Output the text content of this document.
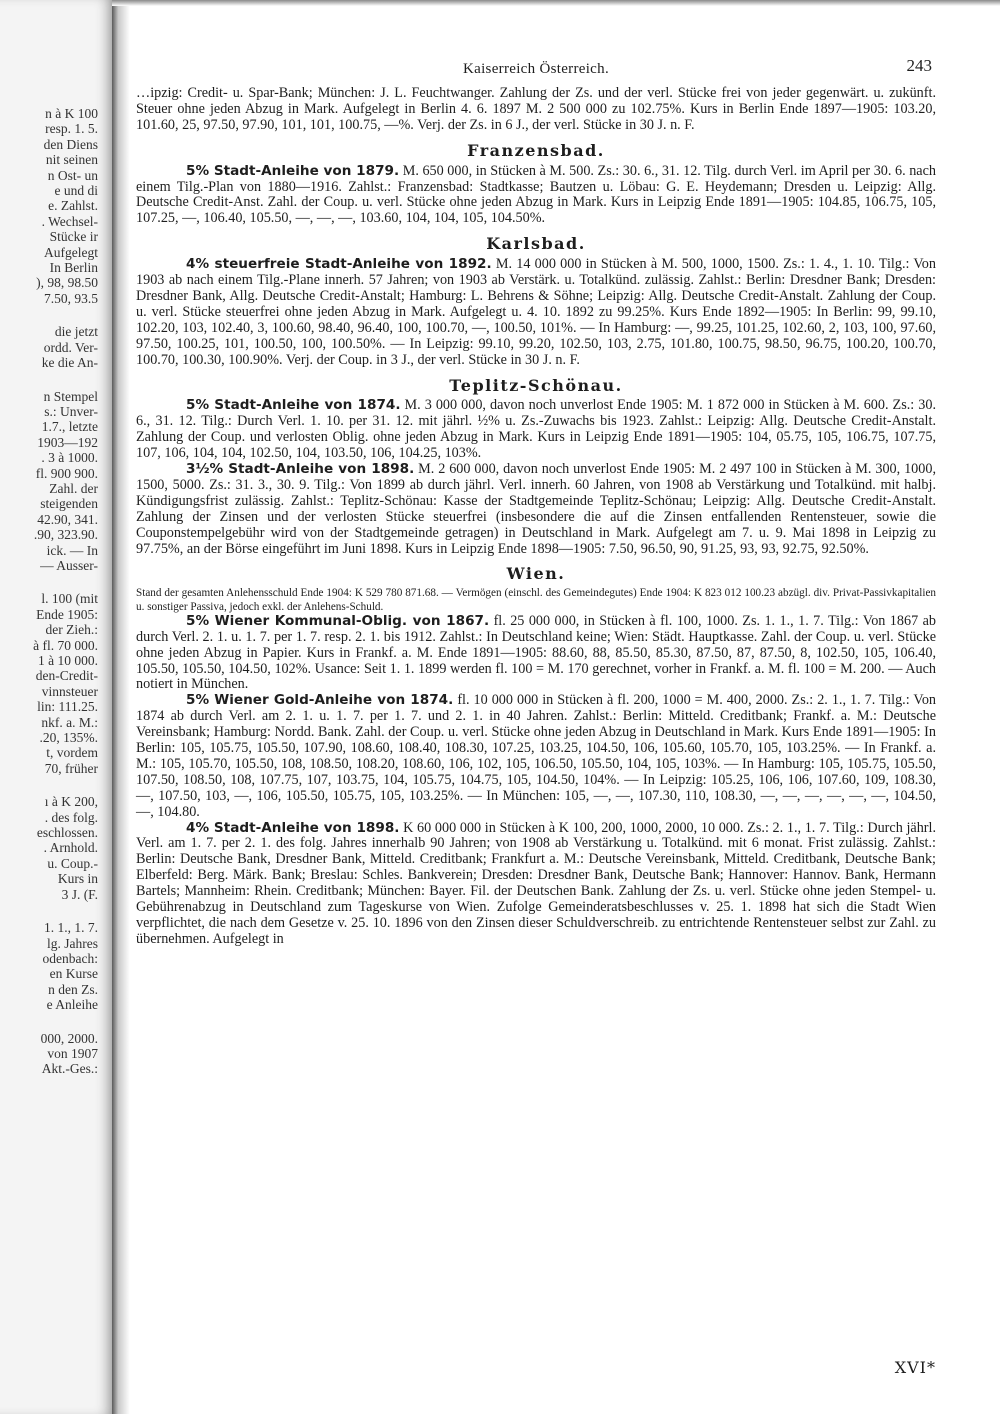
n à K 100
resp. 1. 5.
den Diens
nit seinen
n Ost- un
e und di
e. Zahlst.
. Wechsel-
Stücke ir
Aufgelegt
In Berlin
), 98, 98.50
7.50, 93.5
die jetzt
ordd. Ver-
ke die An-
n Stempel
s.: Unver-
1.7., letzte
1903—192
. 3 à 1000.
fl. 900 900.
Zahl. der
steigenden
42.90, 341.
.90, 323.90.
ick. — In
— Ausser-
l. 100 (mit
Ende 1905:
der Zieh.:
à fl. 70 000.
1 à 10 000.
den-Credit-
vinnsteuer
lin: 111.25.
nkf. a. M.:
.20, 135%.
t, vordem
70, früher
ı à K 200,
. des folg.
eschlossen.
. Arnhold.
u. Coup.-
Kurs in
3 J. (F.
1. 1., 1. 7.
lg. Jahres
odenbach:
en Kurse
n den Zs.
e Anleihe
000, 2000.
von 1907
Akt.-Ges.:
Kaiserreich Österreich.	243

…ipzig: Credit- u. Spar-Bank; München: J. L. Feuchtwanger. Zahlung der Zs. und der verl. Stücke frei von jeder gegenwärt. u. zukünft. Steuer ohne jeden Abzug in Mark. Aufgelegt in Berlin 4. 6. 1897 M. 2 500 000 zu 102.75%. Kurs in Berlin Ende 1897—1905: 103.20, 101.60, 25, 97.50, 97.90, 101, 101, 100.75, —%. Verj. der Zs. in 6 J., der verl. Stücke in 30 J. n. F.

Franzensbad.

5% Stadt-Anleihe von 1879. M. 650 000, in Stücken à M. 500. Zs.: 30. 6., 31. 12. Tilg. durch Verl. im April per 30. 6. nach einem Tilg.-Plan von 1880—1916. Zahlst.: Franzensbad: Stadtkasse; Bautzen u. Löbau: G. E. Heydemann; Dresden u. Leipzig: Allg. Deutsche Credit-Anst. Zahl. der Coup. u. verl. Stücke ohne jeden Abzug in Mark. Kurs in Leipzig Ende 1891—1905: 104.85, 106.75, 105, 107.25, —, 106.40, 105.50, —, —, —, 103.60, 104, 104, 105, 104.50%.

Karlsbad.

4% steuerfreie Stadt-Anleihe von 1892. M. 14 000 000 in Stücken à M. 500, 1000, 1500. Zs.: 1. 4., 1. 10. Tilg.: Von 1903 ab nach einem Tilg.-Plane innerh. 57 Jahren; von 1903 ab Verstärk. u. Totalkünd. zulässig. Zahlst.: Berlin: Dresdner Bank; Dresden: Dresdner Bank, Allg. Deutsche Credit-Anstalt; Hamburg: L. Behrens & Söhne; Leipzig: Allg. Deutsche Credit-Anstalt. Zahlung der Coup. u. verl. Stücke steuerfrei ohne jeden Abzug in Mark. Aufgelegt u. 4. 10. 1892 zu 99.25%. Kurs Ende 1892—1905: In Berlin: 99, 99.10, 102.20, 103, 102.40, 3, 100.60, 98.40, 96.40, 100, 100.70, —, 100.50, 101%. — In Hamburg: —, 99.25, 101.25, 102.60, 2, 103, 100, 97.60, 97.50, 100.25, 101, 100.50, 100, 100.50%. — In Leipzig: 99.10, 99.20, 102.50, 103, 2.75, 101.80, 100.75, 98.50, 96.75, 100.20, 100.70, 100.70, 100.30, 100.90%. Verj. der Coup. in 3 J., der verl. Stücke in 30 J. n. F.

Teplitz-Schönau.

5% Stadt-Anleihe von 1874. M. 3 000 000, davon noch unverlost Ende 1905: M. 1 872 000 in Stücken à M. 600. Zs.: 30. 6., 31. 12. Tilg.: Durch Verl. 1. 10. per 31. 12. mit jährl. ½% u. Zs.-Zuwachs bis 1923. Zahlst.: Leipzig: Allg. Deutsche Credit-Anstalt. Zahlung der Coup. und verlosten Oblig. ohne jeden Abzug in Mark. Kurs in Leipzig Ende 1891—1905: 104, 05.75, 105, 106.75, 107.75, 107, 106, 104, 104, 102.50, 104, 103.50, 106, 104.25, 103%.

3½% Stadt-Anleihe von 1898. M. 2 600 000, davon noch unverlost Ende 1905: M. 2 497 100 in Stücken à M. 300, 1000, 1500, 5000. Zs.: 31. 3., 30. 9. Tilg.: Von 1899 ab durch jährl. Verl. innerh. 60 Jahren, von 1908 ab Verstärkung und Totalkünd. mit halbj. Kündigungsfrist zulässig. Zahlst.: Teplitz-Schönau: Kasse der Stadtgemeinde Teplitz-Schönau; Leipzig: Allg. Deutsche Credit-Anstalt. Zahlung der Zinsen und der verlosten Stücke steuerfrei (insbesondere die auf die Zinsen entfallenden Rentensteuer, sowie die Couponstempelgebühr wird von der Stadtgemeinde getragen) in Deutschland in Mark. Aufgelegt am 7. u. 9. Mai 1898 in Leipzig zu 97.75%, an der Börse eingeführt im Juni 1898. Kurs in Leipzig Ende 1898—1905: 7.50, 96.50, 90, 91.25, 93, 93, 92.75, 92.50%.

Wien.

Stand der gesamten Anlehensschuld Ende 1904: K 529 780 871.68. — Vermögen (einschl. des Gemeindegutes) Ende 1904: K 823 012 100.23 abzügl. div. Privat-Passivkapitalien u. sonstiger Passiva, jedoch exkl. der Anlehens-Schuld.

5% Wiener Kommunal-Oblig. von 1867. fl. 25 000 000, in Stücken à fl. 100, 1000. Zs. 1. 1., 1. 7. Tilg.: Von 1867 ab durch Verl. 2. 1. u. 1. 7. per 1. 7. resp. 2. 1. bis 1912. Zahlst.: In Deutschland keine; Wien: Städt. Hauptkasse. Zahl. der Coup. u. verl. Stücke ohne jeden Abzug in Papier. Kurs in Frankf. a. M. Ende 1891—1905: 88.60, 88, 85.50, 85.30, 87.50, 87, 87.50, 8, 102.50, 105, 106.40, 105.50, 105.50, 104.50, 102%. Usance: Seit 1. 1. 1899 werden fl. 100 = M. 170 gerechnet, vorher in Frankf. a. M. fl. 100 = M. 200. — Auch notiert in München.

5% Wiener Gold-Anleihe von 1874. fl. 10 000 000 in Stücken à fl. 200, 1000 = M. 400, 2000. Zs.: 2. 1., 1. 7. Tilg.: Von 1874 ab durch Verl. am 2. 1. u. 1. 7. per 1. 7. und 2. 1. in 40 Jahren. Zahlst.: Berlin: Mitteld. Creditbank; Frankf. a. M.: Deutsche Vereinsbank; Hamburg: Nordd. Bank. Zahl. der Coup. u. verl. Stücke ohne jeden Abzug in Deutschland in Mark. Kurs Ende 1891—1905: In Berlin: 105, 105.75, 105.50, 107.90, 108.60, 108.40, 108.30, 107.25, 103.25, 104.50, 106, 105.60, 105.70, 105, 103.25%. — In Frankf. a. M.: 105, 105.70, 105.50, 108, 108.50, 108.20, 108.60, 106, 102, 105, 106.50, 105.50, 104, 105, 103%. — In Hamburg: 105, 105.75, 105.50, 107.50, 108.50, 108, 107.75, 107, 103.75, 104, 105.75, 104.75, 105, 104.50, 104%. — In Leipzig: 105.25, 106, 106, 107.60, 109, 108.30, —, 107.50, 103, —, 106, 105.50, 105.75, 105, 103.25%. — In München: 105, —, —, 107.30, 110, 108.30, —, —, —, —, —, —, 104.50, —, 104.80.

4% Stadt-Anleihe von 1898. K 60 000 000 in Stücken à K 100, 200, 1000, 2000, 10 000. Zs.: 2. 1., 1. 7. Tilg.: Durch jährl. Verl. am 1. 7. per 2. 1. des folg. Jahres innerhalb 90 Jahren; von 1908 ab Verstärkung u. Totalkünd. mit 6 monat. Frist zulässig. Zahlst.: Berlin: Deutsche Bank, Dresdner Bank, Mitteld. Creditbank; Frankfurt a. M.: Deutsche Vereinsbank, Mitteld. Creditbank, Deutsche Bank; Elberfeld: Berg. Märk. Bank; Breslau: Schles. Bankverein; Dresden: Dresdner Bank, Deutsche Bank; Hannover: Hannov. Bank, Hermann Bartels; Mannheim: Rhein. Creditbank; München: Bayer. Fil. der Deutschen Bank. Zahlung der Zs. u. verl. Stücke ohne jeden Stempel- u. Gebührenabzug in Deutschland zum Tageskurse von Wien. Zufolge Gemeinderatsbeschlusses v. 25. 1. 1898 hat sich die Stadt Wien verpflichtet, die nach dem Gesetze v. 25. 10. 1896 von den Zinsen dieser Schuldverschreib. zu entrichtende Rentensteuer selbst zur Zahl. zu übernehmen. Aufgelegt in

XVI*
